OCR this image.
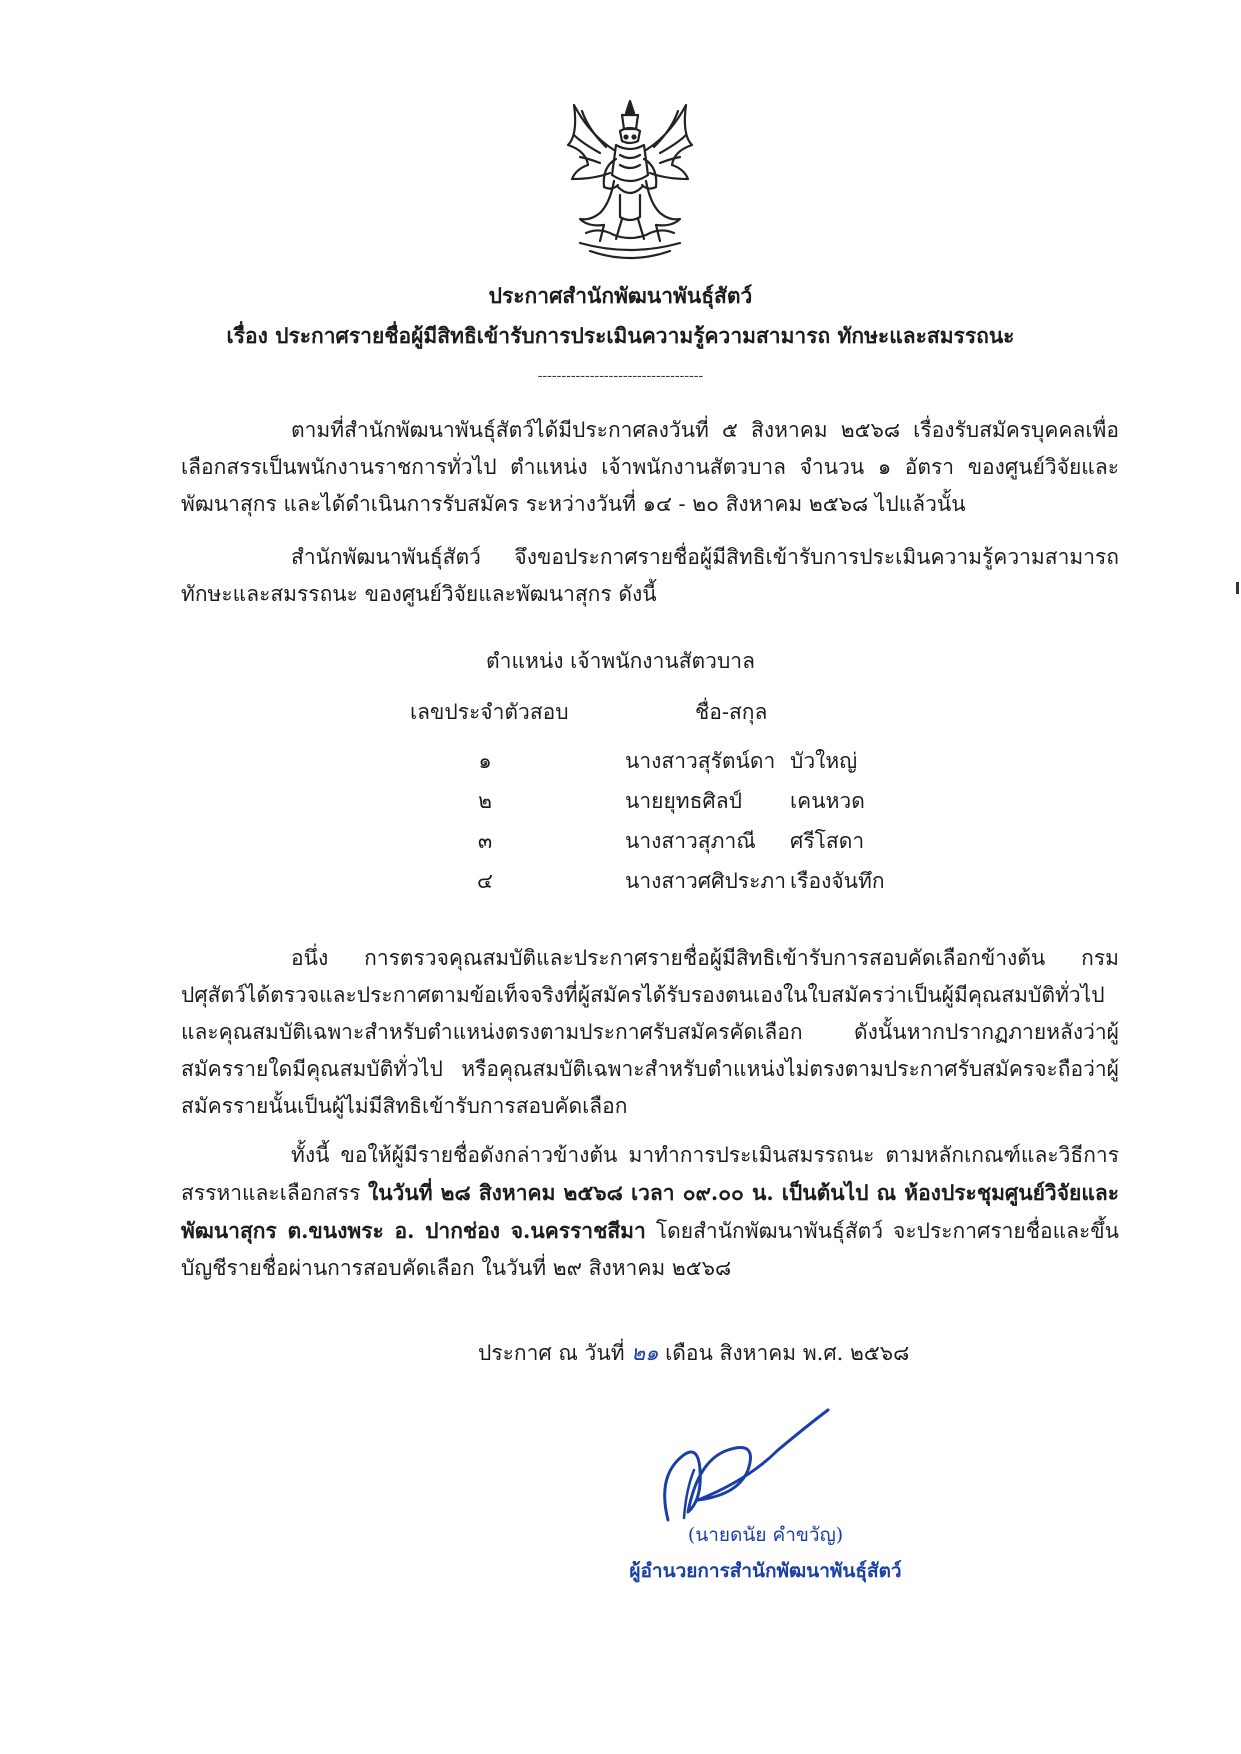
ประกาศสำนักพัฒนาพันธุ์สัตว์
เรื่อง ประกาศรายชื่อผู้มีสิทธิเข้ารับการประเมินความรู้ความสามารถ ทักษะและสมรรถนะ
-----------------------------------

ตามที่สำนักพัฒนาพันธุ์สัตว์ได้มีประกาศลงวันที่ ๕ สิงหาคม ๒๕๖๘ เรื่องรับสมัครบุคคลเพื่อเลือกสรรเป็นพนักงานราชการทั่วไป ตำแหน่ง เจ้าพนักงานสัตวบาล จำนวน ๑ อัตรา ของศูนย์วิจัยและพัฒนาสุกร และได้ดำเนินการรับสมัคร ระหว่างวันที่ ๑๔ - ๒๐ สิงหาคม ๒๕๖๘ ไปแล้วนั้น

สำนักพัฒนาพันธุ์สัตว์ จึงขอประกาศรายชื่อผู้มีสิทธิเข้ารับการประเมินความรู้ความสามารถ ทักษะและสมรรถนะ ของศูนย์วิจัยและพัฒนาสุกร ดังนี้

ตำแหน่ง เจ้าพนักงานสัตวบาล
เลขประจำตัวสอบ	ชื่อ-สกุล
๑	นางสาวสุรัตน์ดา บัวใหญ่
๒	นายยุทธศิลป์ เคนหวด
๓	นางสาวสุภาณี ศรีโสดา
๔	นางสาวศศิประภา เรืองจันทึก

อนึ่ง การตรวจคุณสมบัติและประกาศรายชื่อผู้มีสิทธิเข้ารับการสอบคัดเลือกข้างต้น กรมปศุสัตว์ได้ตรวจและประกาศตามข้อเท็จจริงที่ผู้สมัครได้รับรองตนเองในใบสมัครว่าเป็นผู้มีคุณสมบัติทั่วไป และคุณสมบัติเฉพาะสำหรับตำแหน่งตรงตามประกาศรับสมัครคัดเลือก ดังนั้นหากปรากฏภายหลังว่าผู้สมัครรายใดมีคุณสมบัติทั่วไป หรือคุณสมบัติเฉพาะสำหรับตำแหน่งไม่ตรงตามประกาศรับสมัครจะถือว่าผู้สมัครรายนั้นเป็นผู้ไม่มีสิทธิเข้ารับการสอบคัดเลือก

ทั้งนี้ ขอให้ผู้มีรายชื่อดังกล่าวข้างต้น มาทำการประเมินสมรรถนะ ตามหลักเกณฑ์และวิธีการสรรหาและเลือกสรร ในวันที่ ๒๘ สิงหาคม ๒๕๖๘ เวลา ๐๙.๐๐ น. เป็นต้นไป ณ ห้องประชุมศูนย์วิจัยและพัฒนาสุกร ต.ขนงพระ อ. ปากช่อง จ.นครราชสีมา โดยสำนักพัฒนาพันธุ์สัตว์ จะประกาศรายชื่อและขึ้นบัญชีรายชื่อผ่านการสอบคัดเลือก ในวันที่ ๒๙ สิงหาคม ๒๕๖๘

ประกาศ ณ วันที่ ๒๑ เดือน สิงหาคม พ.ศ. ๒๕๖๘
(นายดนัย คำขวัญ)
ผู้อำนวยการสำนักพัฒนาพันธุ์สัตว์
